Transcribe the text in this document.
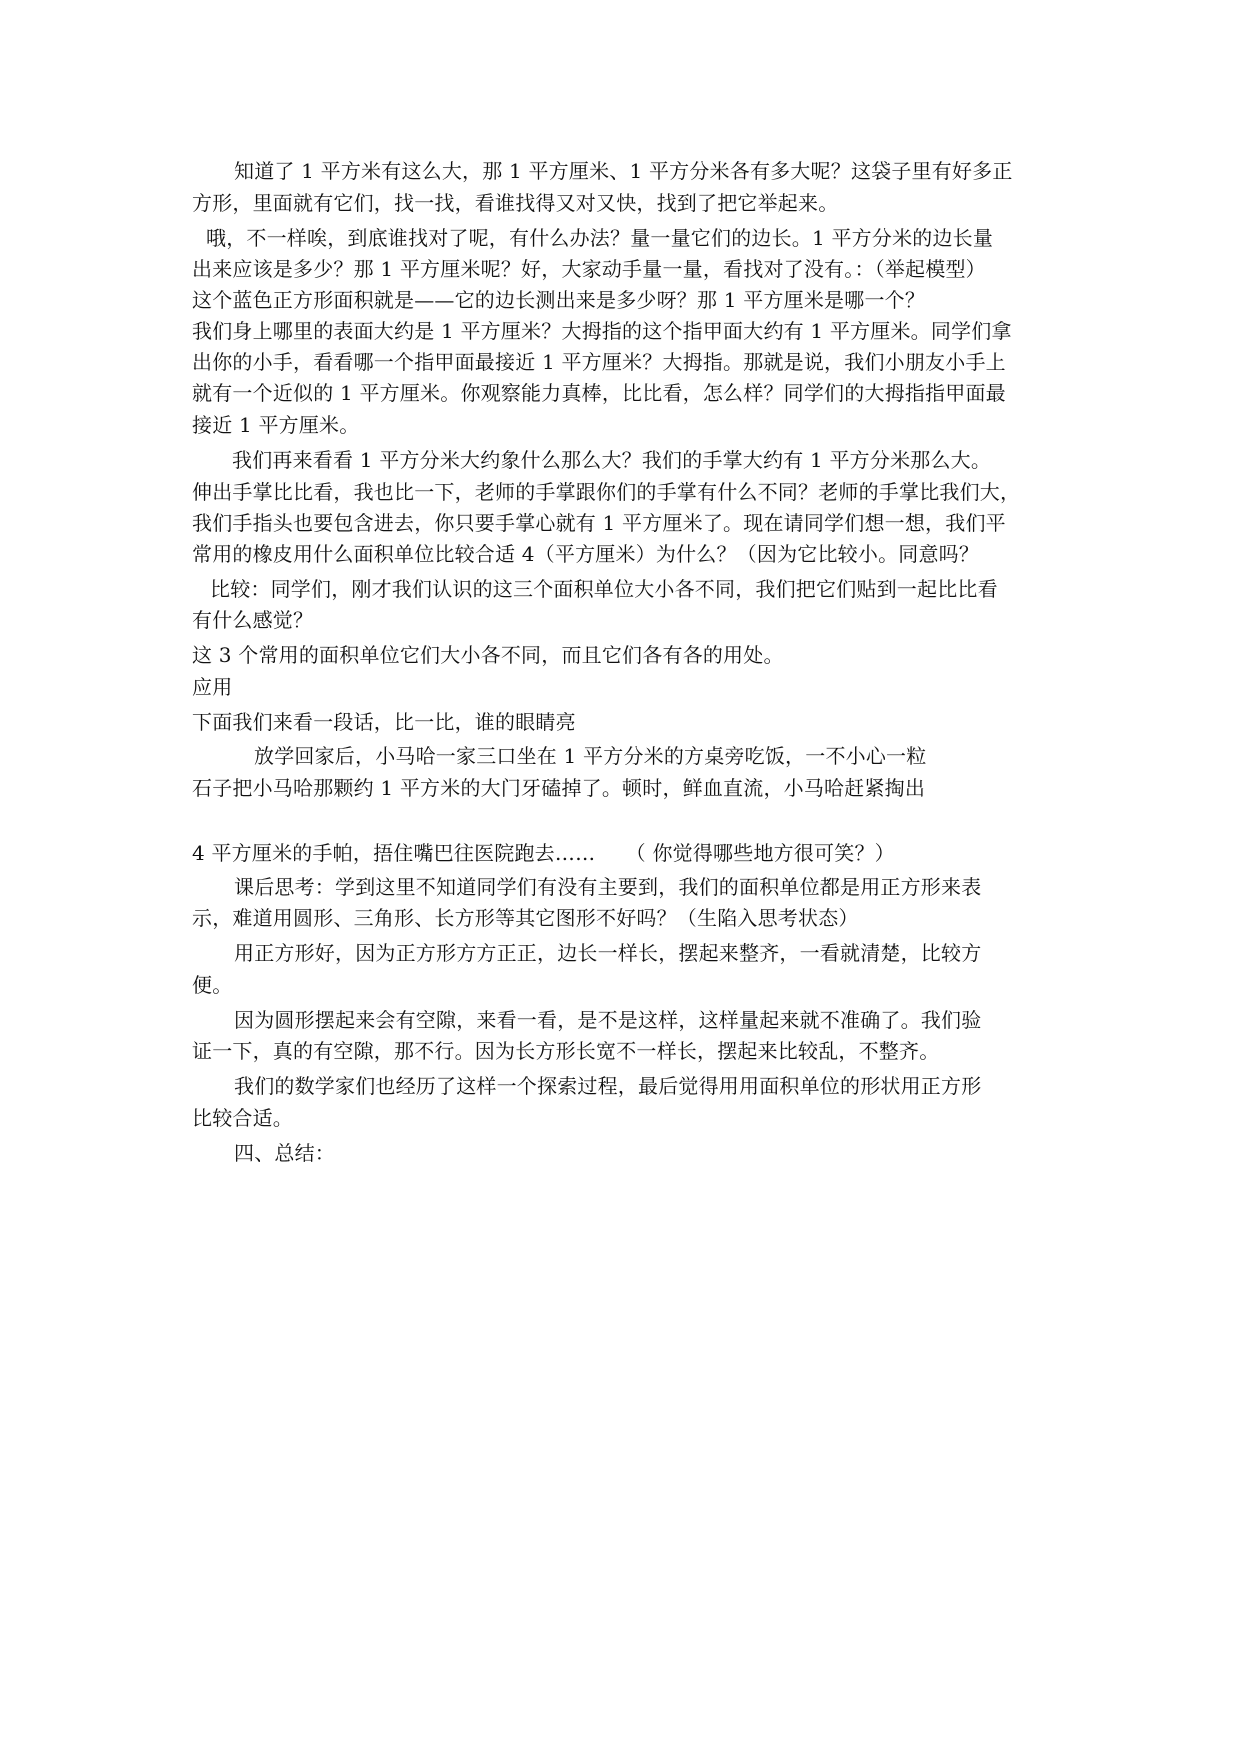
知道了 1 平方米有这么大，那 1 平方厘米、1 平方分米各有多大呢？这袋子里有好多正
方形，里面就有它们，找一找，看谁找得又对又快，找到了把它举起来。
哦，不一样唉，到底谁找对了呢，有什么办法？量一量它们的边长。1 平方分米的边长量
出来应该是多少？那 1 平方厘米呢？好，大家动手量一量，看找对了没有。：（举起模型）
这个蓝色正方形面积就是——它的边长测出来是多少呀？那 1 平方厘米是哪一个？
我们身上哪里的表面大约是 1 平方厘米？大拇指的这个指甲面大约有 1 平方厘米。同学们拿
出你的小手，看看哪一个指甲面最接近 1 平方厘米？大拇指。那就是说，我们小朋友小手上
就有一个近似的 1 平方厘米。你观察能力真棒，比比看，怎么样？同学们的大拇指指甲面最
接近 1 平方厘米。
我们再来看看 1 平方分米大约象什么那么大？我们的手掌大约有 1 平方分米那么大。
伸出手掌比比看，我也比一下，老师的手掌跟你们的手掌有什么不同？老师的手掌比我们大，
我们手指头也要包含进去，你只要手掌心就有 1 平方厘米了。现在请同学们想一想，我们平
常用的橡皮用什么面积单位比较合适 4（平方厘米）为什么？（因为它比较小。同意吗？
比较：同学们，刚才我们认识的这三个面积单位大小各不同，我们把它们贴到一起比比看
有什么感觉？
这 3 个常用的面积单位它们大小各不同，而且它们各有各的用处。
应用
下面我们来看一段话，比一比，谁的眼睛亮
放学回家后，小马哈一家三口坐在 1 平方分米的方桌旁吃饭，一不小心一粒
石子把小马哈那颗约 1 平方米的大门牙磕掉了。顿时，鲜血直流，小马哈赶紧掏出
4 平方厘米的手帕，捂住嘴巴往医院跑去……　　（ 你觉得哪些地方很可笑？）
课后思考：学到这里不知道同学们有没有主要到，我们的面积单位都是用正方形来表
示，难道用圆形、三角形、长方形等其它图形不好吗？（生陷入思考状态）
用正方形好，因为正方形方方正正，边长一样长，摆起来整齐，一看就清楚，比较方
便。
因为圆形摆起来会有空隙，来看一看，是不是这样，这样量起来就不准确了。我们验
证一下，真的有空隙，那不行。因为长方形长宽不一样长，摆起来比较乱，不整齐。
我们的数学家们也经历了这样一个探索过程，最后觉得用用面积单位的形状用正方形
比较合适。
四、总结：
